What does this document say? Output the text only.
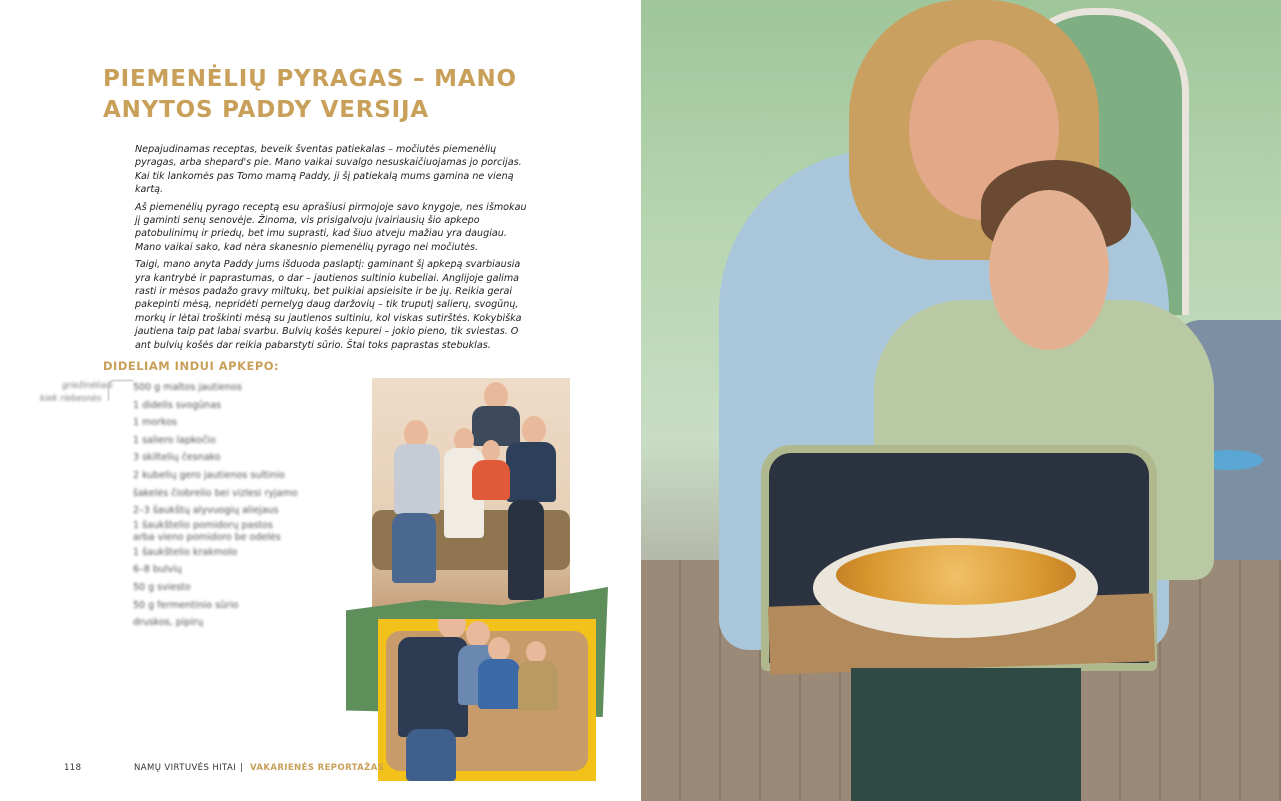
PIEMENĖLIŲ PYRAGAS – MANO ANYTOS PADDY VERSIJA

Nepajudinamas receptas, beveik šventas patiekalas – močiutės piemenėlių pyragas, arba shepard's pie. Mano vaikai suvalgo nesuskaičiuojamas jo porcijas. Kai tik lankomės pas Tomo mamą Paddy, ji šį patiekalą mums gamina ne vieną kartą.

Aš piemenėlių pyrago receptą esu aprašiusi pirmojoje savo knygoje, nes išmokau jį gaminti senų senovėje. Žinoma, vis prisigalvoju įvairiausių šio apkepo patobulinimų ir priedų, bet imu suprasti, kad šiuo atveju mažiau yra daugiau. Mano vaikai sako, kad nėra skanesnio piemenėlių pyrago nei močiutės.

Taigi, mano anyta Paddy jums išduoda paslaptį: gaminant šį apkepą svarbiausia yra kantrybė ir paprastumas, o dar – jautienos sultinio kubeliai. Anglijoje galima rasti ir mėsos padažo gravy miltukų, bet puikiai apsieisite ir be jų. Reikia gerai pakepinti mėsą, nepridėti pernelyg daug daržovių – tik truputį salierų, svogūnų, morkų ir lėtai troškinti mėsą su jautienos sultiniu, kol viskas sutirštės. Kokybiška jautiena taip pat labai svarbu. Bulvių košės kepurei – jokio pieno, tik sviestas. O ant bulvių košės dar reikia pabarstyti sūrio. Štai toks paprastas stebuklas.

DIDELIAM INDUI APKEPO:
griežinėliais
kiek riebesnės
500 g maltos jautienos
1 didelis svogūnas
1 morkos
1 saliero lapkočio
3 skiltelių česnako
2 kubelių gero jautienos sultinio
šakelės čiobrelio bei vizlesi ryjamo
2–3 šaukštų alyvuogių aliejaus
1 šaukštelio pomidorų pastos
arba vieno pomidoro be odelės
1 šaukštelio krakmolo
6–8 bulvių
50 g sviesto
50 g fermentinio sūrio
druskos, pipirų
118	NAMŲ VIRTUVĖS HITAI | VAKARIENĖS REPORTAŽAS
